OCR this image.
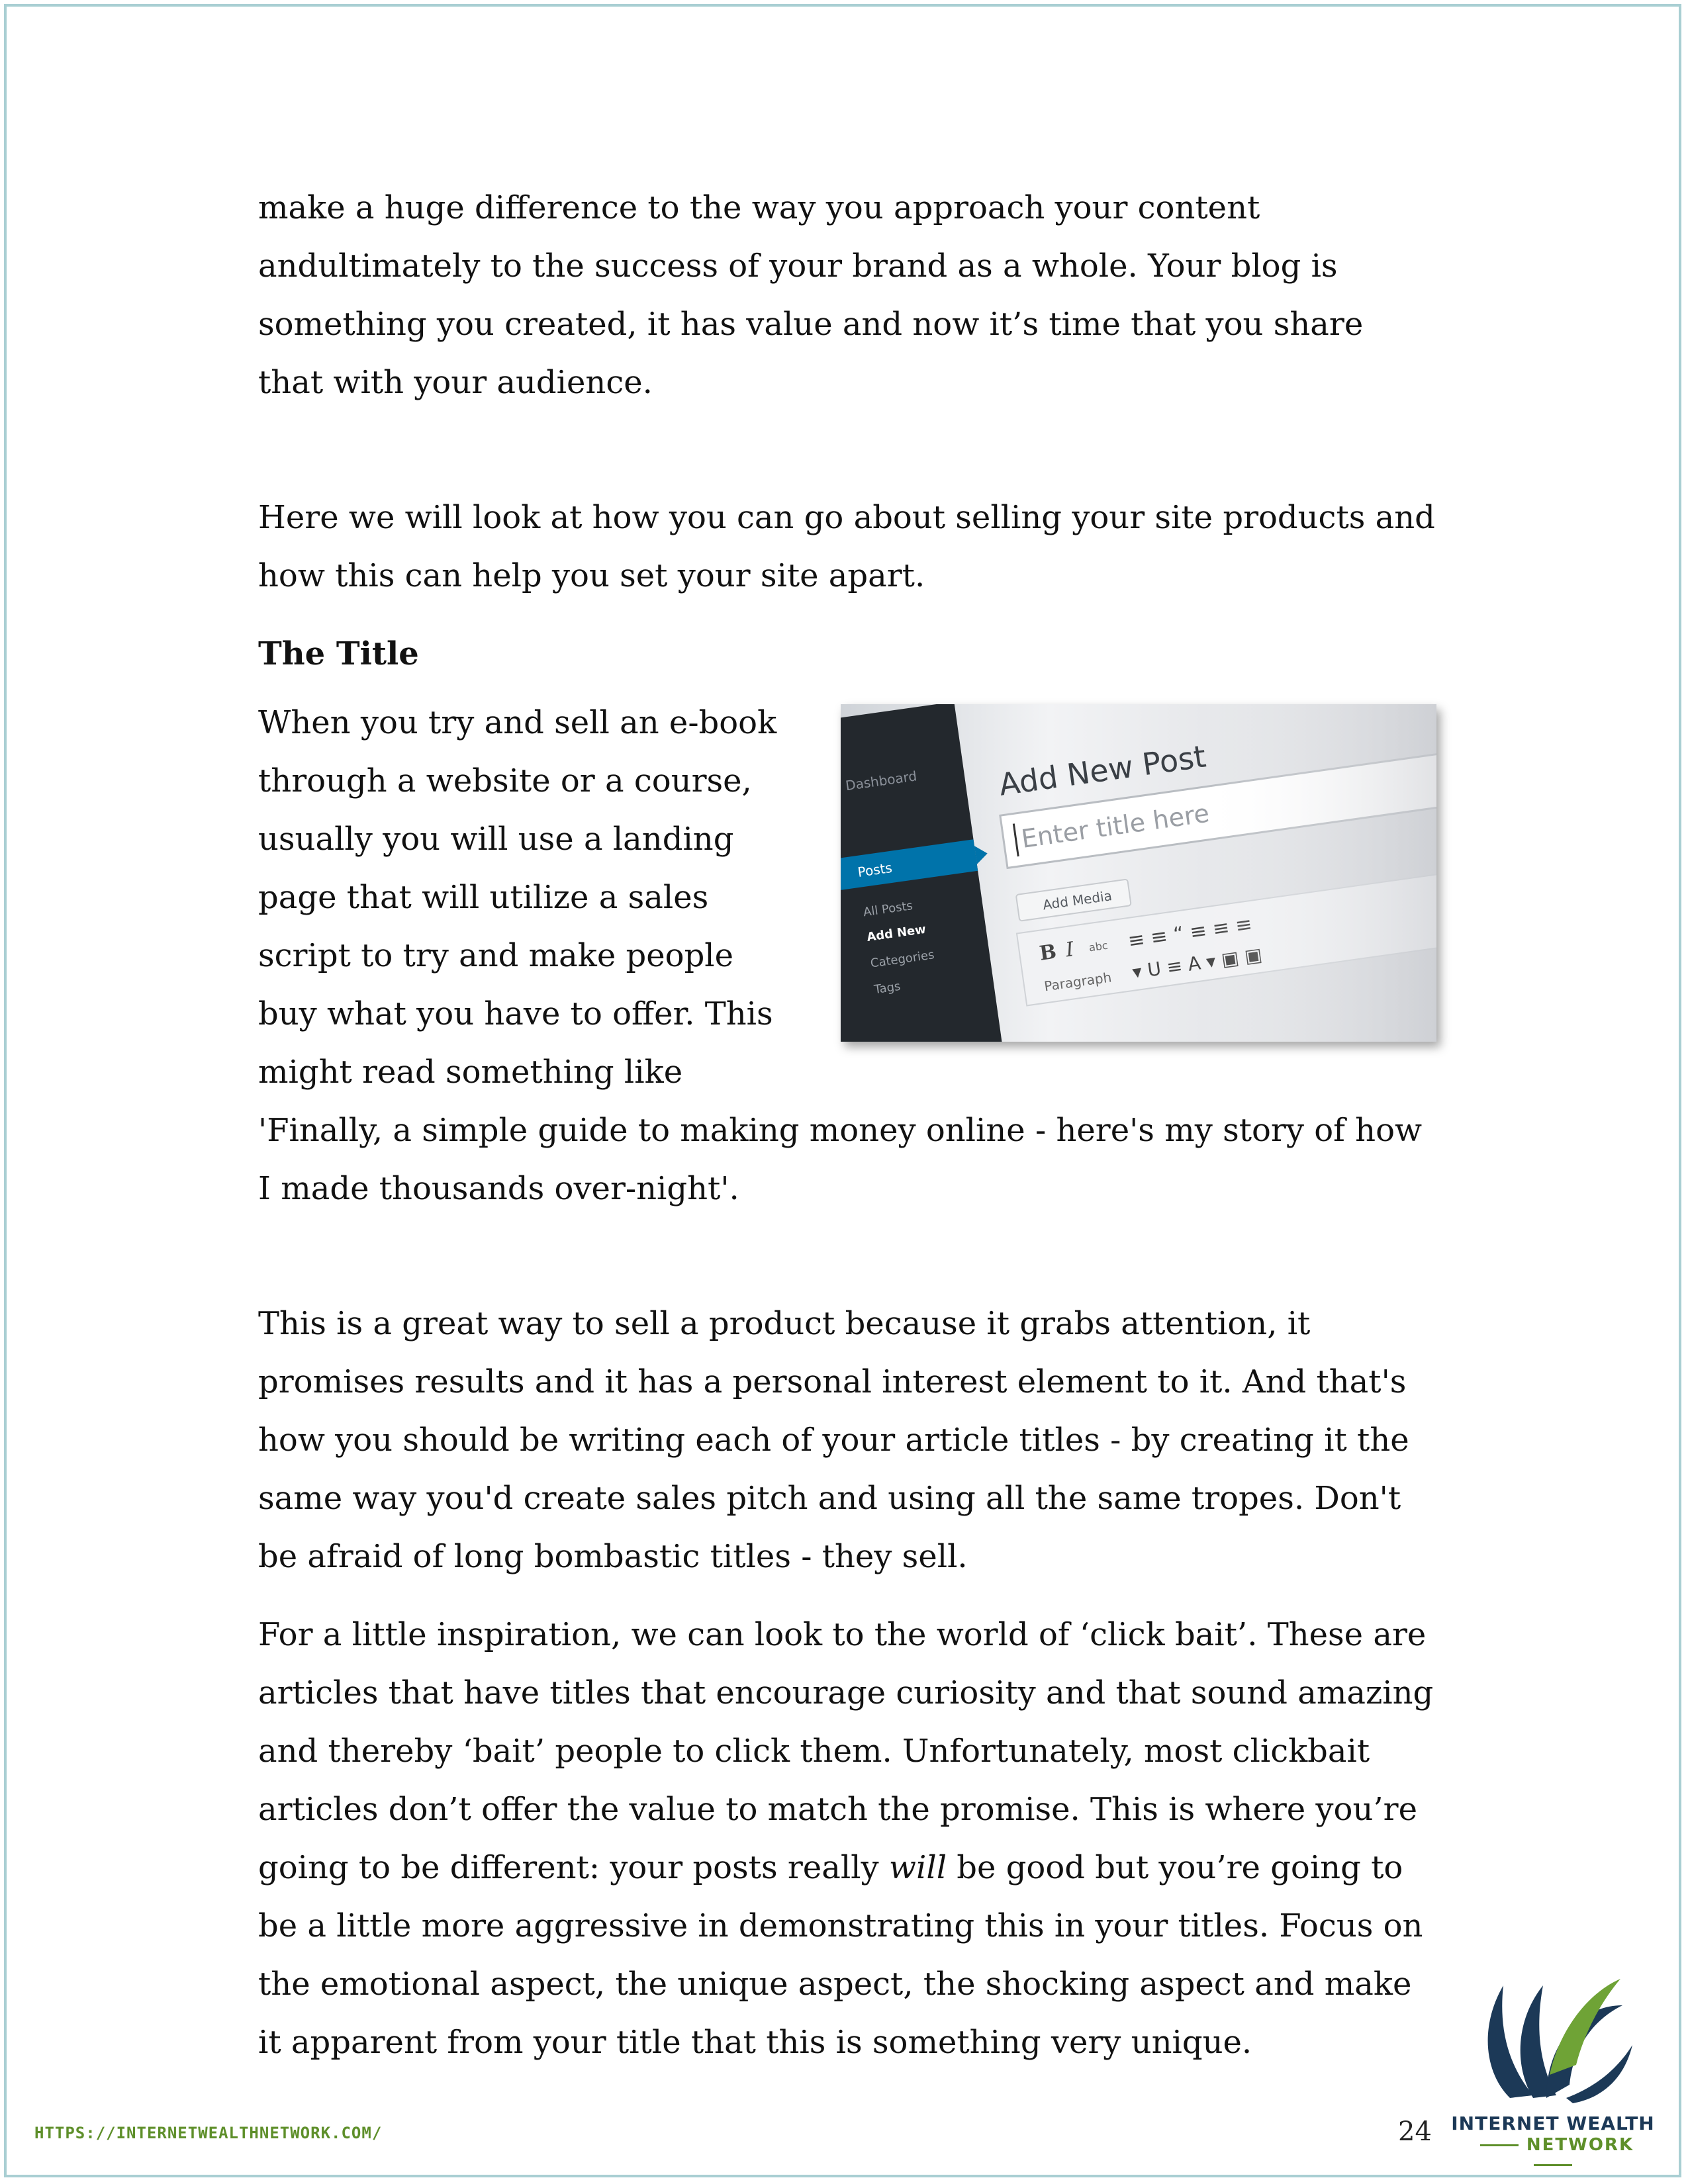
make a huge difference to the way you approach your content andultimately to the success of your brand as a whole. Your blog is something you created, it has value and now it’s time that you share that with your audience.

Here we will look at how you can go about selling your site products and how this can help you set your site apart.

The Title

When you try and sell an e-book through a website or a course, usually you will use a landing page that will utilize a sales script to try and make people buy what you have to offer. This might read something like 'Finally, a simple guide to making money online - here's my story of how I made thousands over-night'.

This is a great way to sell a product because it grabs attention, it promises results and it has a personal interest element to it. And that's how you should be writing each of your article titles - by creating it the same way you'd create sales pitch and using all the same tropes. Don't be afraid of long bombastic titles - they sell.

For a little inspiration, we can look to the world of ‘click bait’. These are articles that have titles that encourage curiosity and that sound amazing and thereby ‘bait’ people to click them. Unfortunately, most clickbait articles don’t offer the value to match the promise. This is where you’re going to be different: your posts really will be good but you’re going to be a little more aggressive in demonstrating this in your titles. Focus on the emotional aspect, the unique aspect, the shocking aspect and make it apparent from your title that this is something very unique.

HTTPS://INTERNETWEALTHNETWORK.COM/	24 INTERNET WEALTH
NETWORK
